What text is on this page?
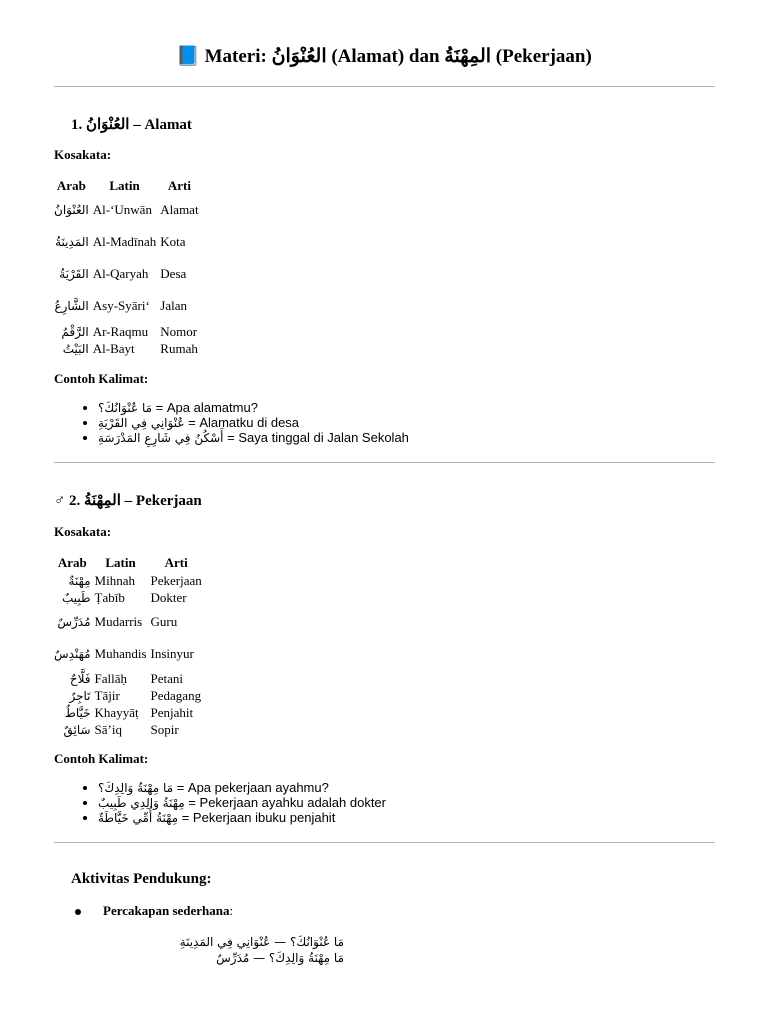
📘 Materi: العُنْوَانُ (Alamat) dan المِهْنَةُ (Pekerjaan)
1. العُنْوَانُ – Alamat
Kosakata:
Arab	Latin	Arti
العُنْوَانُ	Al-‘Unwān	Alamat
المَدِينَةُ	Al-Madīnah	Kota
القَرْيَةُ	Al-Qaryah	Desa
الشَّارِعُ	Asy-Syāri‘	Jalan
الرَّقْمُ	Ar-Raqmu	Nomor
البَيْتُ	Al-Bayt	Rumah
Contoh Kalimat:
• مَا عُنْوَانُكَ؟ = Apa alamatmu?
• عُنْوَانِي فِي القَرْيَةِ = Alamatku di desa
• أَسْكُنُ فِي شَارِعِ المَدْرَسَةِ = Saya tinggal di Jalan Sekolah
♂ 2. المِهْنَةُ – Pekerjaan
Kosakata:
Arab	Latin	Arti
مِهْنَةٌ	Mihnah	Pekerjaan
طَبِيبٌ	Ṭabīb	Dokter
مُدَرِّسٌ	Mudarris	Guru
مُهَنْدِسٌ	Muhandis	Insinyur
فَلَّاحٌ	Fallāḥ	Petani
تَاجِرٌ	Tājir	Pedagang
خَيَّاطٌ	Khayyāṭ	Penjahit
سَائِقٌ	Sā’iq	Sopir
Contoh Kalimat:
• مَا مِهْنَةُ وَالِدِكَ؟ = Apa pekerjaan ayahmu?
• مِهْنَةُ وَالِدِي طَبِيبٌ = Pekerjaan ayahku adalah dokter
• مِهْنَةُ أُمِّي خَيَّاطَةٌ = Pekerjaan ibuku penjahit
Aktivitas Pendukung:
Percakapan sederhana:
مَا عُنْوَانُكَ؟ — عُنْوَانِي فِي المَدِينَةِ
مَا مِهْنَةُ وَالِدِكَ؟ — مُدَرِّسٌ
